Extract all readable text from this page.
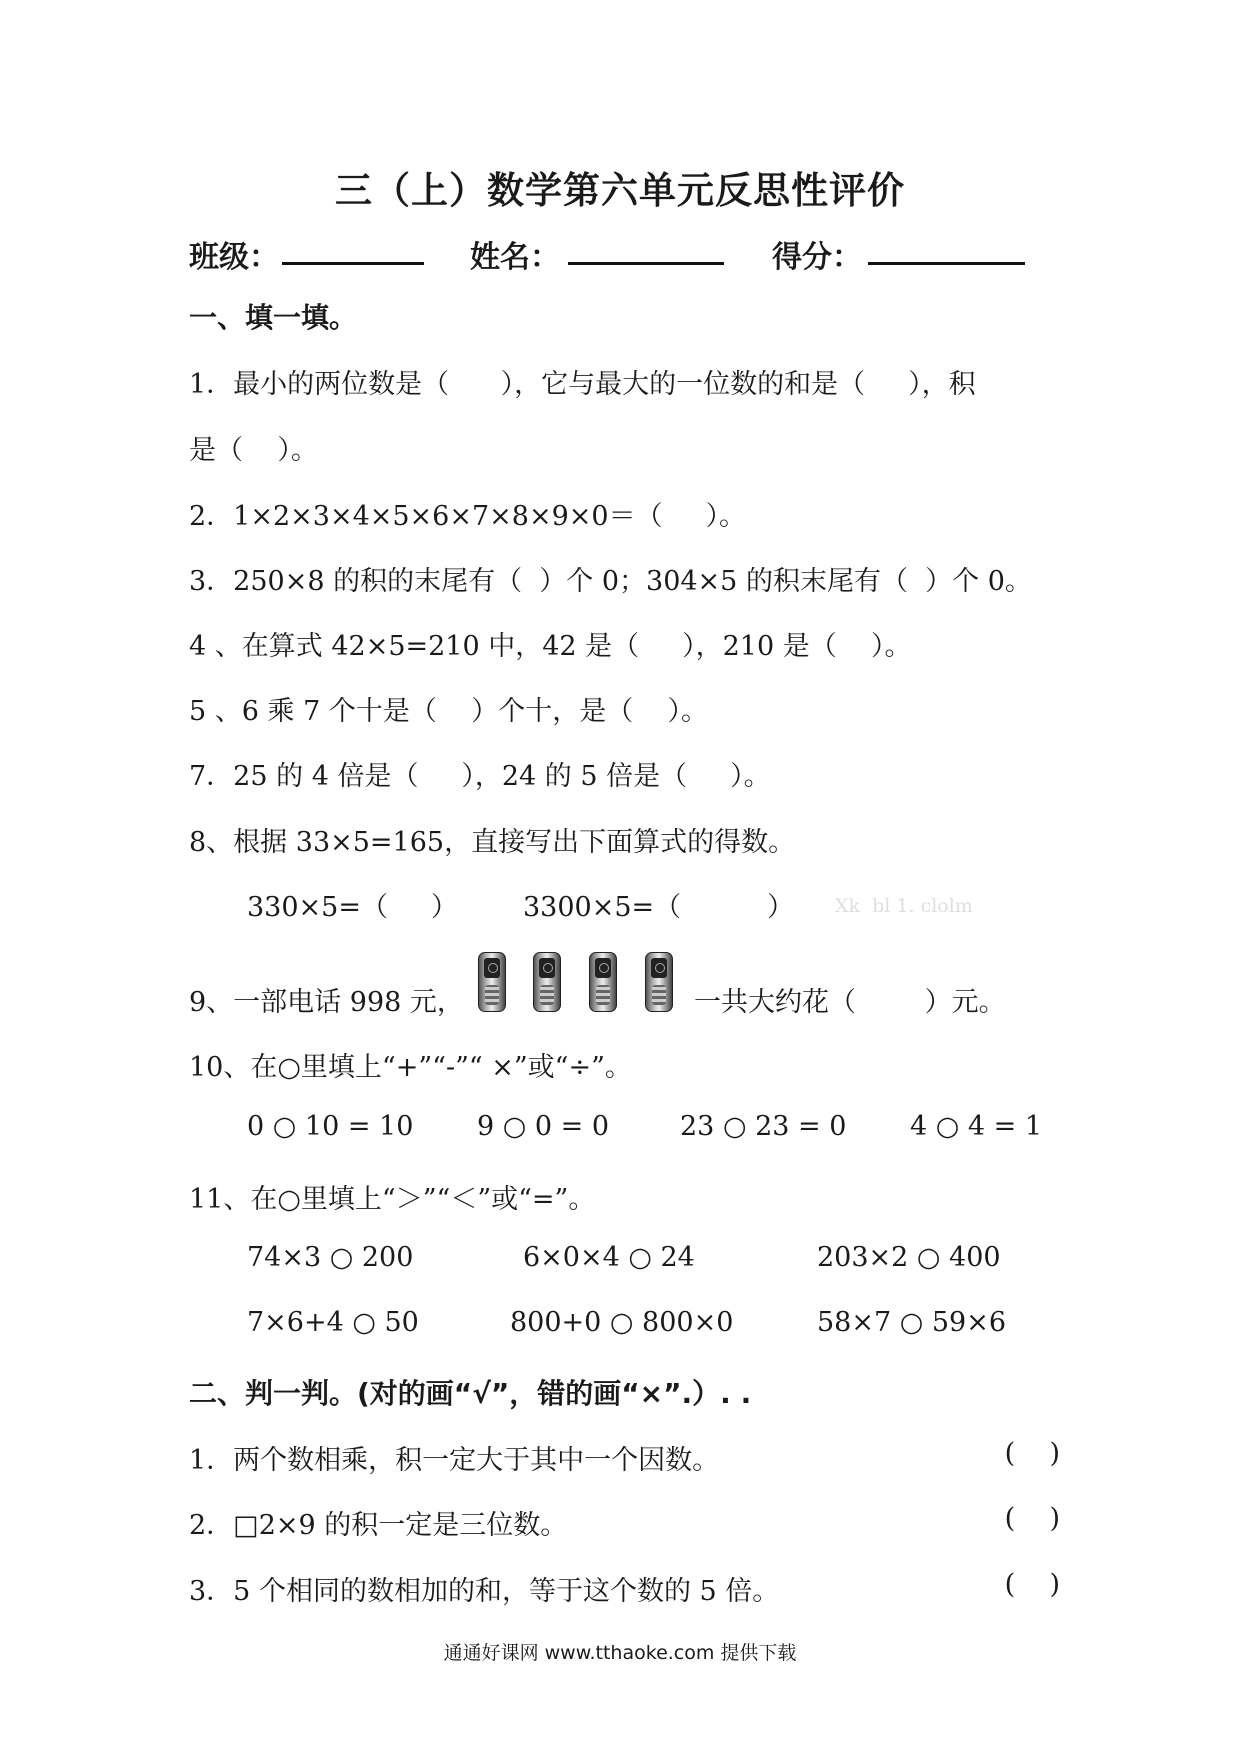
三（上）数学第六单元反思性评价
班级：	姓名：	得分：
一、填一填。
1．最小的两位数是（      ），它与最大的一位数的和是（     ），积
是（    ）。
2．1×2×3×4×5×6×7×8×9×0＝（     ）。
3．250×8 的积的末尾有（  ）个 0；304×5 的积末尾有（  ）个 0。
4 、在算式 42×5=210 中，42 是（     ），210 是（    ）。
5 、6 乘 7 个十是（    ）个十，是（    ）。
7．25 的 4 倍是（     ），24 的 5 倍是（     ）。
8、根据 33×5=165，直接写出下面算式的得数。
330×5=（     ） 3300×5=（          ） Xk  bl 1. clolm
9、一部电话 998 元，	一共大约花（        ）元。
10、在○里填上“+”“-”“ ×”或“÷”。
0 ○ 10 = 10 9 ○ 0 = 0	23 ○ 23 = 0 4 ○ 4 = 1
11、在○里填上“＞”“＜”或“=”。
74×3 ○ 200	6×0×4 ○ 24	203×2 ○ 400
7×6+4 ○ 50	800+0 ○ 800×0	58×7 ○ 59×6
二、判一判。(对的画“√”，错的画“×”.）. .
1．两个数相乘，积一定大于其中一个因数。	(    )
2．□2×9 的积一定是三位数。	(    )
3．5 个相同的数相加的和，等于这个数的 5 倍。	(    )
通通好课网 www.tthaoke.com 提供下载
